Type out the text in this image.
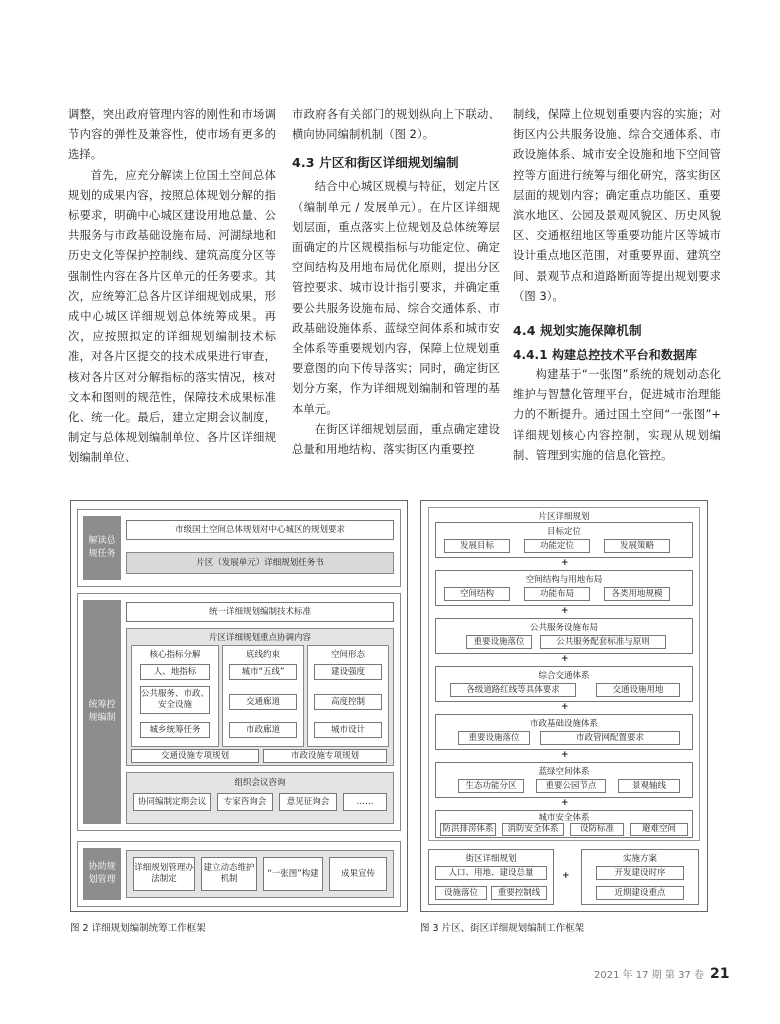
调整，突出政府管理内容的刚性和市场调节内容的弹性及兼容性，使市场有更多的选择。

首先，应充分解读上位国土空间总体规划的成果内容，按照总体规划分解的指标要求，明确中心城区建设用地总量、公共服务与市政基础设施布局、河湖绿地和历史文化等保护控制线、建筑高度分区等强制性内容在各片区单元的任务要求。其次，应统筹汇总各片区详细规划成果，形成中心城区详细规划总体统筹成果。再次，应按照拟定的详细规划编制技术标准，对各片区提交的技术成果进行审查，核对各片区对分解指标的落实情况，核对文本和图则的规范性，保障技术成果标准化、统一化。最后，建立定期会议制度，制定与总体规划编制单位、各片区详细规划编制单位、

市政府各有关部门的规划纵向上下联动、横向协同编制机制（图 2）。

4.3 片区和街区详细规划编制

结合中心城区规模与特征，划定片区（编制单元 / 发展单元）。在片区详细规划层面，重点落实上位规划及总体统筹层面确定的片区规模指标与功能定位、确定空间结构及用地布局优化原则，提出分区管控要求、城市设计指引要求，并确定重要公共服务设施布局、综合交通体系、市政基础设施体系、蓝绿空间体系和城市安全体系等重要规划内容，保障上位规划重要意图的向下传导落实；同时，确定街区划分方案，作为详细规划编制和管理的基本单元。

在街区详细规划层面，重点确定建设总量和用地结构、落实街区内重要控

制线，保障上位规划重要内容的实施；对街区内公共服务设施、综合交通体系、市政设施体系、城市安全设施和地下空间管控等方面进行统筹与细化研究，落实街区层面的规划内容；确定重点功能区、重要滨水地区、公园及景观风貌区、历史风貌区、交通枢纽地区等重要功能片区等城市设计重点地区范围，对重要界面、建筑空间、景观节点和道路断面等提出规划要求（图 3）。

4.4 规划实施保障机制
4.4.1 构建总控技术平台和数据库

构建基于“一张图”系统的规划动态化维护与智慧化管理平台，促进城市治理能力的不断提升。通过国土空间“一张图”+ 详细规划核心内容控制，实现从规划编制、管理到实施的信息化管控。

解读总规任务
市级国土空间总体规划对中心城区的规划要求
片区（发展单元）详细规划任务书
统筹控规编制
统一详细规划编制技术标准
片区详细规划重点协调内容
核心指标分解
人、地指标
公共服务、市政、安全设施
城乡统筹任务
底线约束
城市“五线”
交通廊道
市政廊道
空间形态
建设强度
高度控制
城市设计
交通设施专项规划	市政设施专项规划
组织会议咨询
协同编制定期会议	专家咨询会	意见征询会	……
协助规划管理
详细规划管理办法制定
建立动态维护机制
“一张图”构建	成果宣传
片区详细规划
目标定位
发展目标	功能定位	发展策略
+
空间结构与用地布局
空间结构	功能布局	各类用地规模
+
公共服务设施布局
重要设施落位	公共服务配套标准与原则
+
综合交通体系
各级道路红线等具体要求	交通设施用地
+
市政基础设施体系
重要设施落位	市政管网配置要求
+
蓝绿空间体系
生态功能分区	重要公园节点	景观轴线
+
城市安全体系
防洪排涝体系	消防安全体系	设防标准	避难空间
街区详细规划
人口、用地、建设总量
设施落位	重要控制线
+
实施方案
开发建设时序
近期建设重点
图 2 详细规划编制统筹工作框架	图 3 片区、街区详细规划编制工作框架
2021 年 17 期 第 37 卷 21
